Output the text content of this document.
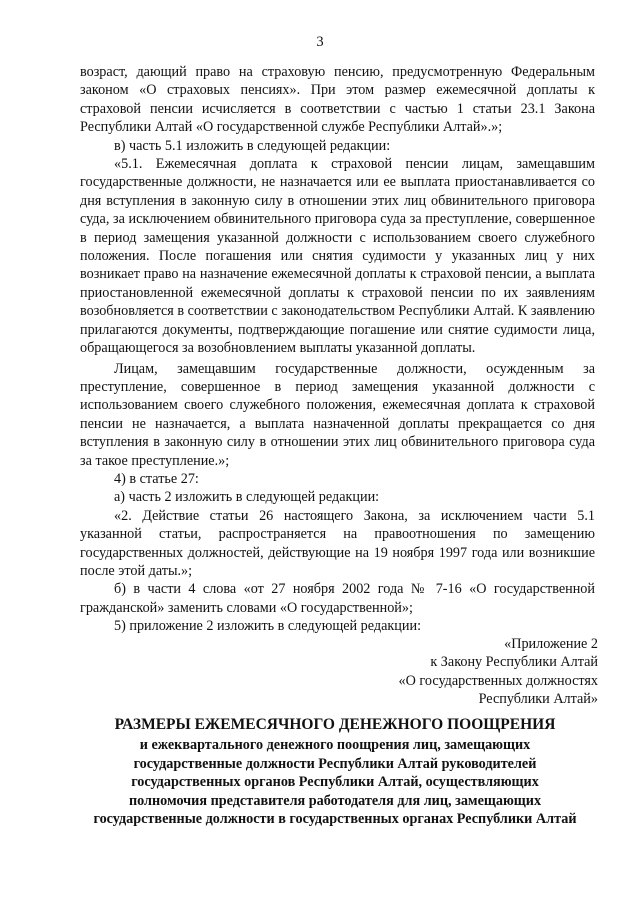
3

возраст, дающий право на страховую пенсию, предусмотренную Федеральным законом «О страховых пенсиях». При этом размер ежемесячной доплаты к страховой пенсии исчисляется в соответствии с частью 1 статьи 23.1 Закона Республики Алтай «О государственной службе Республики Алтай».»;

в) часть 5.1 изложить в следующей редакции:

«5.1. Ежемесячная доплата к страховой пенсии лицам, замещавшим государственные должности, не назначается или ее выплата приостанавливается со дня вступления в законную силу в отношении этих лиц обвинительного приговора суда, за исключением обвинительного приговора суда за преступление, совершенное в период замещения указанной должности с использованием своего служебного положения. После погашения или снятия судимости у указанных лиц у них возникает право на назначение ежемесячной доплаты к страховой пенсии, а выплата приостановленной ежемесячной доплаты к страховой пенсии по их заявлениям возобновляется в соответствии с законодательством Республики Алтай. К заявлению прилагаются документы, подтверждающие погашение или снятие судимости лица, обращающегося за возобновлением выплаты указанной доплаты.

Лицам, замещавшим государственные должности, осужденным за преступление, совершенное в период замещения указанной должности с использованием своего служебного положения, ежемесячная доплата к страховой пенсии не назначается, а выплата назначенной доплаты прекращается со дня вступления в законную силу в отношении этих лиц обвинительного приговора суда за такое преступление.»;

4) в статье 27:

а) часть 2 изложить в следующей редакции:

«2. Действие статьи 26 настоящего Закона, за исключением части 5.1 указанной статьи, распространяется на правоотношения по замещению государственных должностей, действующие на 19 ноября 1997 года или возникшие после этой даты.»;

б) в части 4 слова «от 27 ноября 2002 года № 7-16 «О государственной гражданской» заменить словами «О государственной»;

5) приложение 2 изложить в следующей редакции:

«Приложение 2
к Закону Республики Алтай
«О государственных должностях
Республики Алтай»
РАЗМЕРЫ ЕЖЕМЕСЯЧНОГО ДЕНЕЖНОГО ПООЩРЕНИЯ
и ежеквартального денежного поощрения лиц, замещающих
государственные должности Республики Алтай руководителей
государственных органов Республики Алтай, осуществляющих
полномочия представителя работодателя для лиц, замещающих
государственные должности в государственных органах Республики Алтай
